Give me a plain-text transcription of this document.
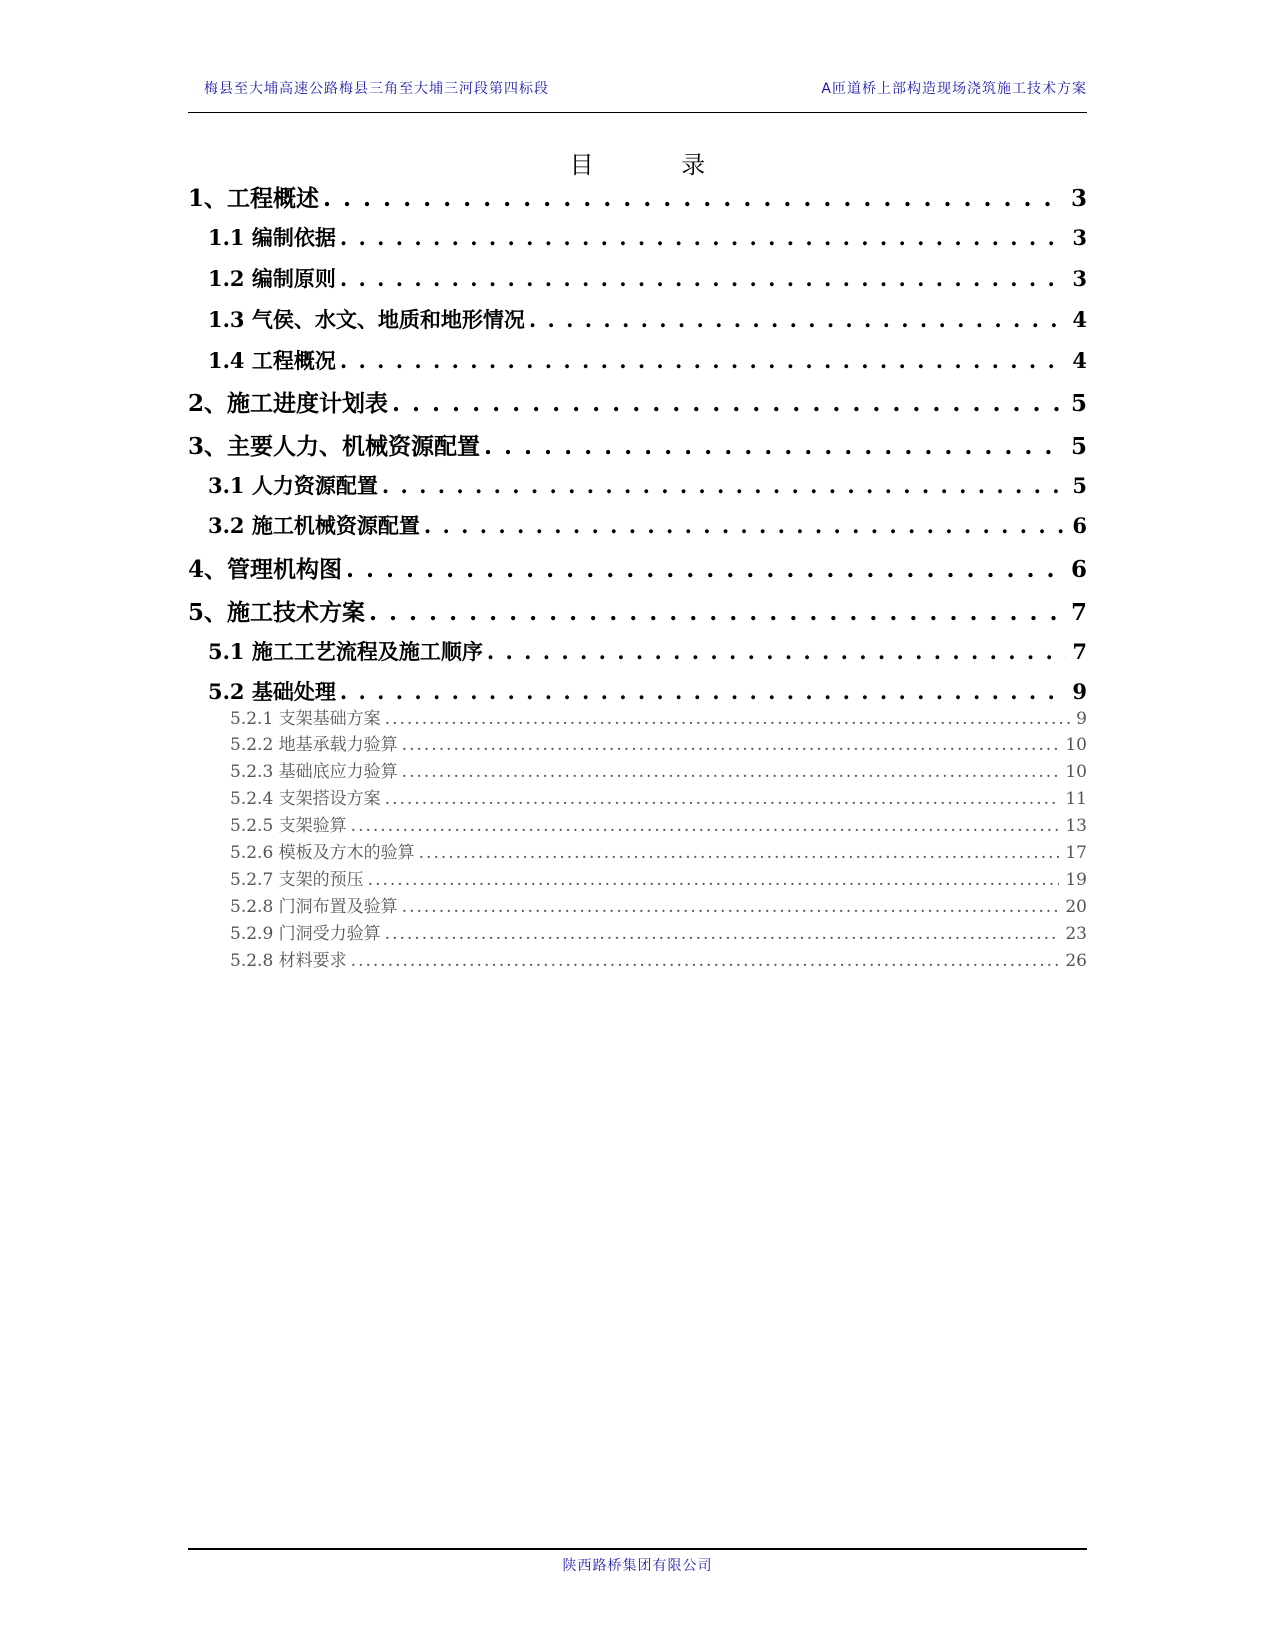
梅县至大埔高速公路梅县三角至大埔三河段第四标段	A匝道桥上部构造现场浇筑施工技术方案
目 录
1、工程概述 . . .	3
1.1 编制依据 . . .	3
1.2 编制原则 . . .	3
1.3 气侯、水文、地质和地形情况 . . .	4
1.4 工程概况 . . .	4
2、施工进度计划表 . . .	5
3、主要人力、机械资源配置 . . .	5
3.1 人力资源配置 . . .	5
3.2 施工机械资源配置 . . .	6
4、管理机构图 . . .	6
5、施工技术方案 . . .	7
5.1 施工工艺流程及施工顺序 . . .	7
5.2 基础处理 . . .	9
5.2.1 支架基础方案 .....	9
5.2.2 地基承载力验算 .....	10
5.2.3 基础底应力验算 .....	10
5.2.4 支架搭设方案 .....	11
5.2.5 支架验算 .....	13
5.2.6 模板及方木的验算 .....	17
5.2.7 支架的预压 .....	19
5.2.8 门洞布置及验算 .....	20
5.2.9 门洞受力验算 .....	23
5.2.8 材料要求 .....	26
陕西路桥集团有限公司
